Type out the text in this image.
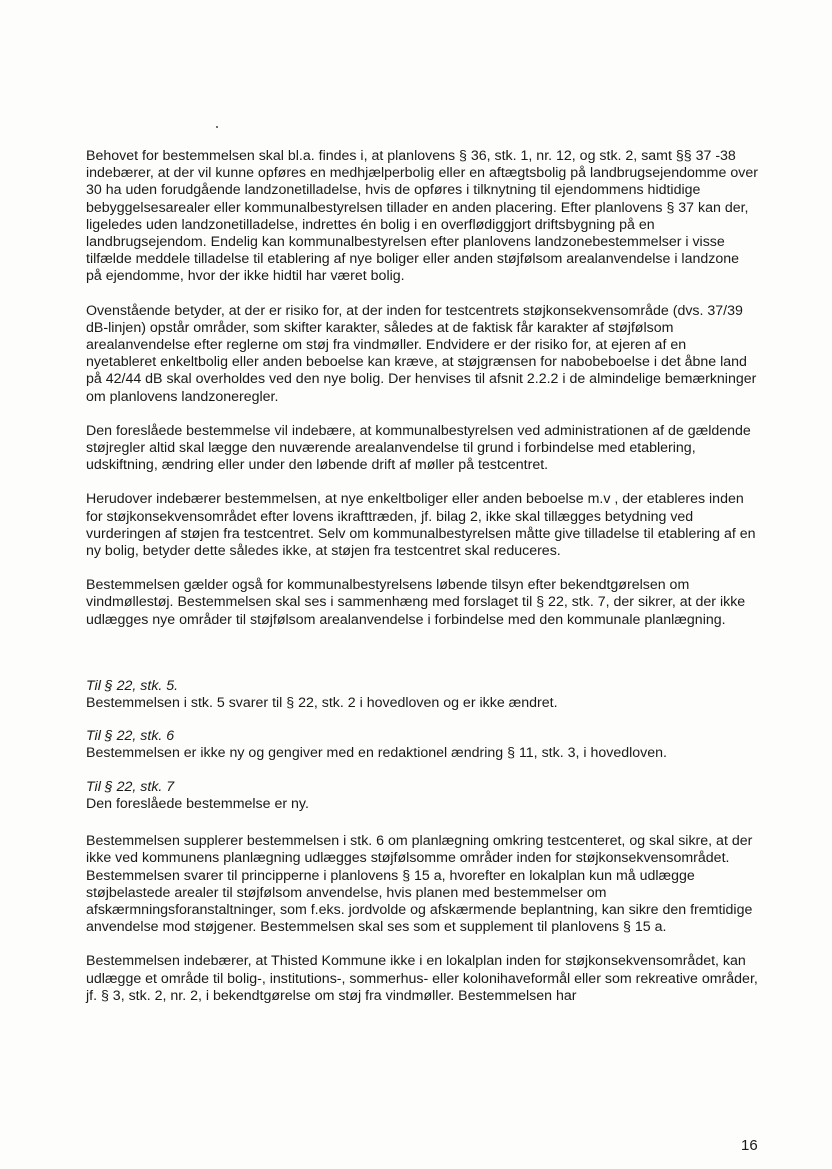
Behovet for bestemmelsen skal bl.a. findes i, at planlovens § 36, stk. 1, nr. 12, og stk. 2, samt §§ 37 -38 indebærer, at der vil kunne opføres en medhjælperbolig eller en aftægtsbolig på landbrugsejendomme over 30 ha uden forudgående landzonetilladelse, hvis de opføres i tilknytning til ejendommens hidtidige bebyggelsesarealer eller kommunalbestyrelsen tillader en anden placering. Efter planlovens § 37 kan der, ligeledes uden landzonetilladelse, indrettes én bolig i en overflødiggjort driftsbygning på en landbrugsejendom. Endelig kan kommunalbestyrelsen efter planlovens landzonebestemmelser i visse tilfælde meddele tilladelse til etablering af nye boliger eller anden støjfølsom arealanvendelse i landzone på ejendomme, hvor der ikke hidtil har været bolig.

Ovenstående betyder, at der er risiko for, at der inden for testcentrets støjkonsekvensområde (dvs. 37/39 dB-linjen) opstår områder, som skifter karakter, således at de faktisk får karakter af støjfølsom arealanvendelse efter reglerne om støj fra vindmøller. Endvidere er der risiko for, at ejeren af en nyetableret enkeltbolig eller anden beboelse kan kræve, at støjgrænsen for nabobeboelse i det åbne land på 42/44 dB skal overholdes ved den nye bolig. Der henvises til afsnit 2.2.2 i de almindelige bemærkninger om planlovens landzoneregler.

Den foreslåede bestemmelse vil indebære, at kommunalbestyrelsen ved administrationen af de gældende støjregler altid skal lægge den nuværende arealanvendelse til grund i forbindelse med etablering, udskiftning, ændring eller under den løbende drift af møller på testcentret.

Herudover indebærer bestemmelsen, at nye enkeltboliger eller anden beboelse m.v , der etableres inden for støjkonsekvensområdet efter lovens ikrafttræden, jf. bilag 2, ikke skal tillægges betydning ved vurderingen af støjen fra testcentret. Selv om kommunalbestyrelsen måtte give tilladelse til etablering af en ny bolig, betyder dette således ikke, at støjen fra testcentret skal reduceres.

Bestemmelsen gælder også for kommunalbestyrelsens løbende tilsyn efter bekendtgørelsen om vindmøllestøj. Bestemmelsen skal ses i sammenhæng med forslaget til § 22, stk. 7, der sikrer, at der ikke udlægges nye områder til støjfølsom arealanvendelse i forbindelse med den kommunale planlægning.

Til § 22, stk. 5.

Bestemmelsen i stk. 5 svarer til § 22, stk. 2 i hovedloven og er ikke ændret.

Til § 22, stk. 6

Bestemmelsen er ikke ny og gengiver med en redaktionel ændring § 11, stk. 3, i hovedloven.

Til § 22, stk. 7

Den foreslåede bestemmelse er ny.

Bestemmelsen supplerer bestemmelsen i stk. 6 om planlægning omkring testcenteret, og skal sikre, at der ikke ved kommunens planlægning udlægges støjfølsomme områder inden for støjkonsekvensområdet. Bestemmelsen svarer til principperne i planlovens § 15 a, hvorefter en lokalplan kun må udlægge støjbelastede arealer til støjfølsom anvendelse, hvis planen med bestemmelser om afskærmningsforanstaltninger, som f.eks. jordvolde og afskærmende beplantning, kan sikre den fremtidige anvendelse mod støjgener. Bestemmelsen skal ses som et supplement til planlovens § 15 a.

Bestemmelsen indebærer, at Thisted Kommune ikke i en lokalplan inden for støjkonsekvensområdet, kan udlægge et område til bolig-, institutions-, sommerhus- eller kolonihaveformål eller som rekreative områder, jf. § 3, stk. 2, nr. 2, i bekendtgørelse om støj fra vindmøller. Bestemmelsen har

16
